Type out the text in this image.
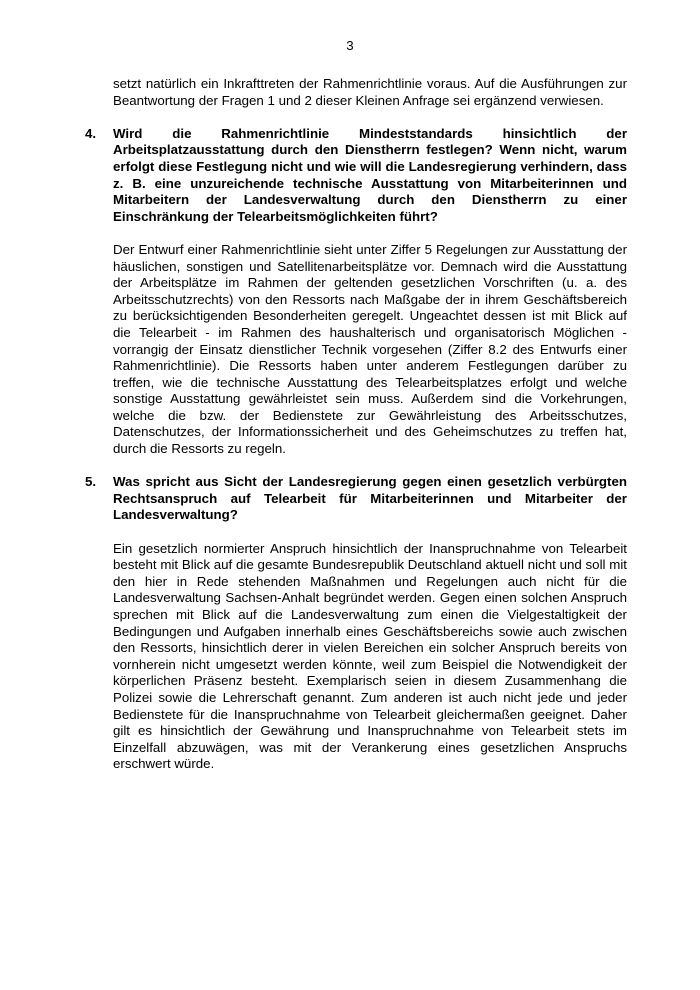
3

setzt natürlich ein Inkrafttreten der Rahmenrichtlinie voraus. Auf die Ausführungen zur Beantwortung der Fragen 1 und 2 dieser Kleinen Anfrage sei ergänzend verwiesen.

4.	Wird die Rahmenrichtlinie Mindeststandards hinsichtlich der Arbeitsplatzausstattung durch den Dienstherrn festlegen? Wenn nicht, warum erfolgt diese Festlegung nicht und wie will die Landesregierung verhindern, dass z. B. eine unzureichende technische Ausstattung von Mitarbeiterinnen und Mitarbeitern der Landesverwaltung durch den Dienstherrn zu einer Einschränkung der Telearbeitsmöglichkeiten führt?

Der Entwurf einer Rahmenrichtlinie sieht unter Ziffer 5 Regelungen zur Ausstattung der häuslichen, sonstigen und Satellitenarbeitsplätze vor. Demnach wird die Ausstattung der Arbeitsplätze im Rahmen der geltenden gesetzlichen Vorschriften (u. a. des Arbeitsschutzrechts) von den Ressorts nach Maßgabe der in ihrem Geschäftsbereich zu berücksichtigenden Besonderheiten geregelt. Ungeachtet dessen ist mit Blick auf die Telearbeit - im Rahmen des haushalterisch und organisatorisch Möglichen - vorrangig der Einsatz dienstlicher Technik vorgesehen (Ziffer 8.2 des Entwurfs einer Rahmenrichtlinie). Die Ressorts haben unter anderem Festlegungen darüber zu treffen, wie die technische Ausstattung des Telearbeitsplatzes erfolgt und welche sonstige Ausstattung gewährleistet sein muss. Außerdem sind die Vorkehrungen, welche die bzw. der Bedienstete zur Gewährleistung des Arbeitsschutzes, Datenschutzes, der Informationssicherheit und des Geheimschutzes zu treffen hat, durch die Ressorts zu regeln.

5.	Was spricht aus Sicht der Landesregierung gegen einen gesetzlich verbürgten Rechtsanspruch auf Telearbeit für Mitarbeiterinnen und Mitarbeiter der Landesverwaltung?

Ein gesetzlich normierter Anspruch hinsichtlich der Inanspruchnahme von Telearbeit besteht mit Blick auf die gesamte Bundesrepublik Deutschland aktuell nicht und soll mit den hier in Rede stehenden Maßnahmen und Regelungen auch nicht für die Landesverwaltung Sachsen-Anhalt begründet werden. Gegen einen solchen Anspruch sprechen mit Blick auf die Landesverwaltung zum einen die Vielgestaltigkeit der Bedingungen und Aufgaben innerhalb eines Geschäftsbereichs sowie auch zwischen den Ressorts, hinsichtlich derer in vielen Bereichen ein solcher Anspruch bereits von vornherein nicht umgesetzt werden könnte, weil zum Beispiel die Notwendigkeit der körperlichen Präsenz besteht. Exemplarisch seien in diesem Zusammenhang die Polizei sowie die Lehrerschaft genannt. Zum anderen ist auch nicht jede und jeder Bedienstete für die Inanspruchnahme von Telearbeit gleichermaßen geeignet. Daher gilt es hinsichtlich der Gewährung und Inanspruchnahme von Telearbeit stets im Einzelfall abzuwägen, was mit der Verankerung eines gesetzlichen Anspruchs erschwert würde.
